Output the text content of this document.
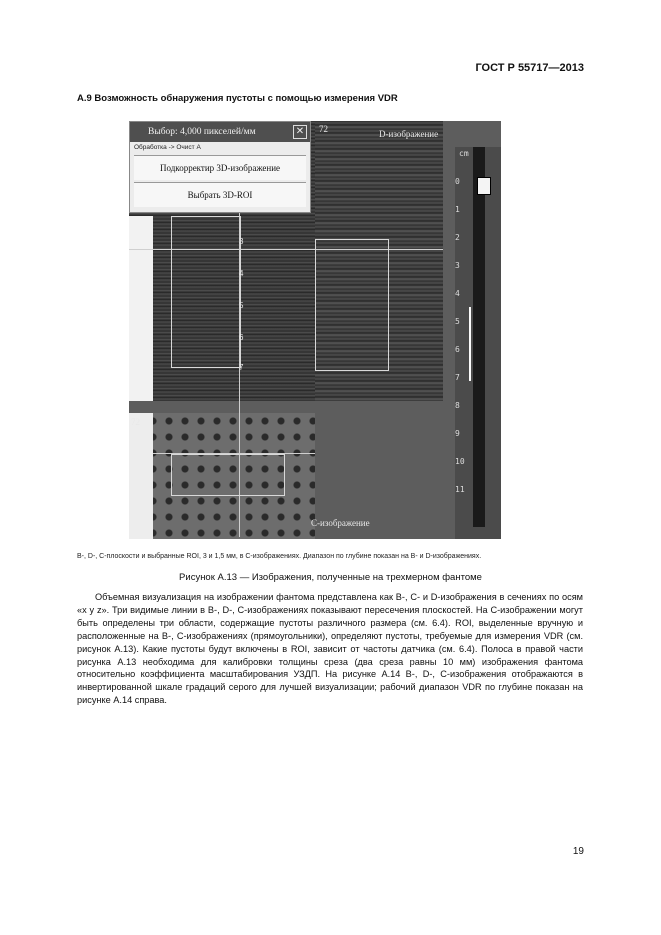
ГОСТ Р 55717—2013
А.9 Возможность обнаружения пустоты с помощью измерения VDR
3
4
5
6
7
72	D-изображение
72
C-изображение
cm
0
1
2
3
4
5
6
7
8
9
10
11
Выбор: 4,000 пикселей/мм	✕
Обработка -> Очист A
Подкорректир 3D-изображение
Выбрать 3D-ROI
B-, D-, C-плоскости и выбранные ROI, 3 и 1,5 мм, в C-изображениях. Диапазон по глубине показан на B- и D-изображениях.
Рисунок А.13 — Изображения, полученные на трехмерном фантоме

Объемная визуализация на изображении фантома представлена как B-, C- и D-изображения в сечениях по осям «x y z». Три видимые линии в B-, D-, C-изображениях показывают пересечения плоскостей. На C-изображении могут быть определены три области, содержащие пустоты различного размера (см. 6.4). ROI, выделенные вручную и расположенные на B-, C-изображениях (прямоугольники), определяют пустоты, требуемые для измерения VDR (см. рисунок А.13). Какие пустоты будут включены в ROI, зависит от частоты датчика (см. 6.4). Полоса в правой части рисунка А.13 необходима для калибровки толщины среза (два среза равны 10 мм) изображения фантома относительно коэффициента масштабирования УЗДП. На рисунке А.14 B-, D-, C-изображения отображаются в инвертированной шкале градаций серого для лучшей визуализации; рабочий диапазон VDR по глубине показан на рисунке А.14 справа.

19
